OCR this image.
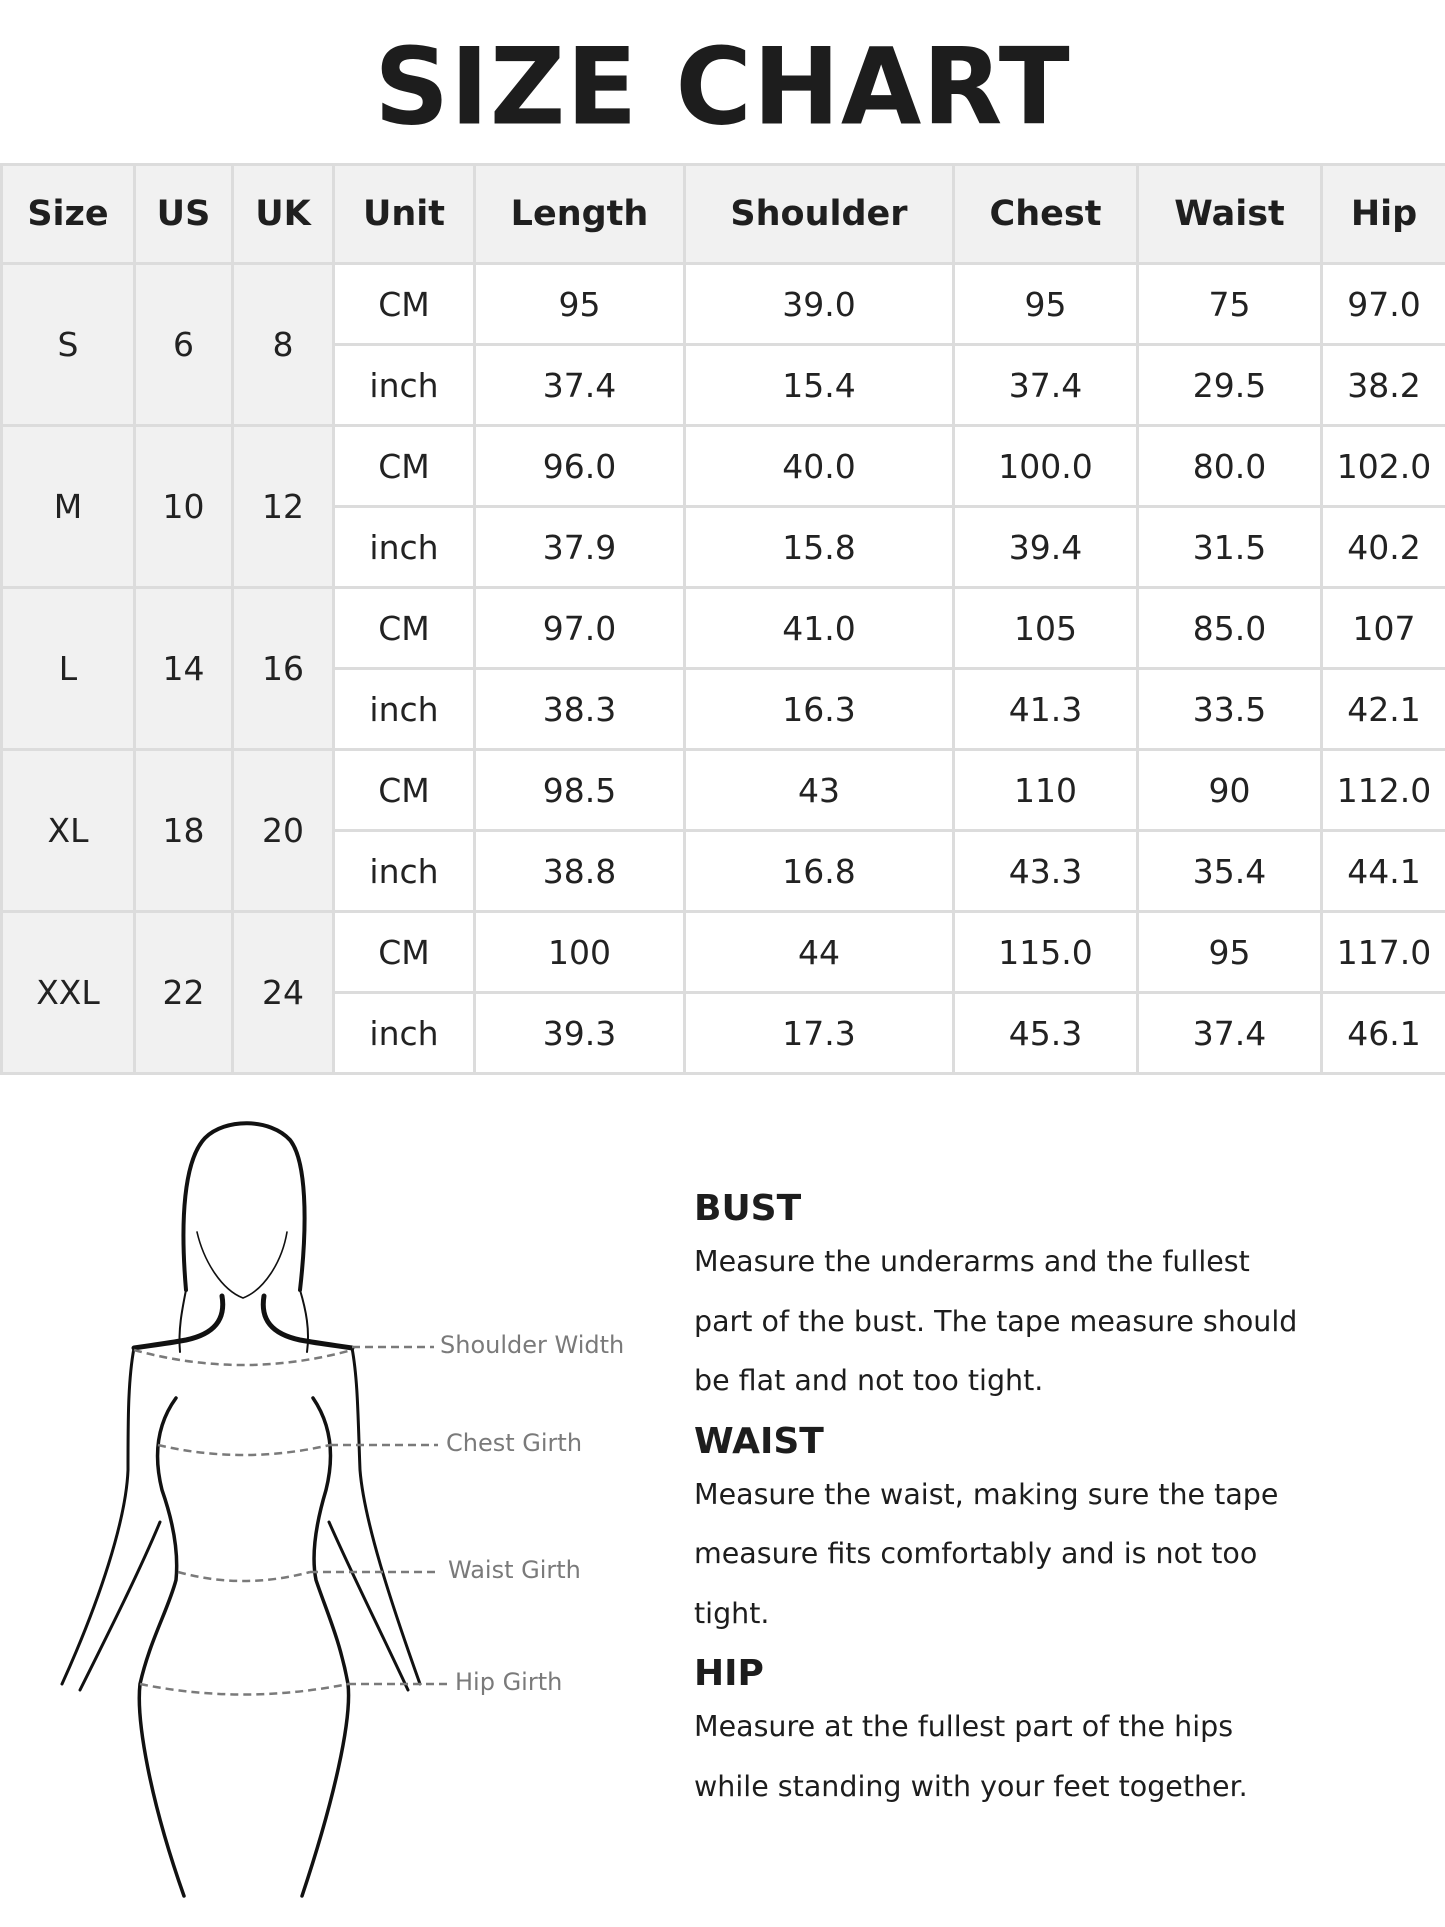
SIZE CHART
Size	US	UK	Unit	Length	Shoulder	Chest	Waist	Hip
S	6	8	CM	95	39.0	95	75	97.0
			inch	37.4	15.4	37.4	29.5	38.2
M	10	12	CM	96.0	40.0	100.0	80.0	102.0
			inch	37.9	15.8	39.4	31.5	40.2
L	14	16	CM	97.0	41.0	105	85.0	107
			inch	38.3	16.3	41.3	33.5	42.1
XL	18	20	CM	98.5	43	110	90	112.0
			inch	38.8	16.8	43.3	35.4	44.1
XXL	22	24	CM	100	44	115.0	95	117.0
			inch	39.3	17.3	45.3	37.4	46.1
Shoulder Width
Chest Girth
Waist Girth
Hip Girth
BUST

Measure the underarms and the fullest
part of the bust. The tape measure should
be flat and not too tight.

WAIST

Measure the waist, making sure the tape
measure fits comfortably and is not too
tight.

HIP

Measure at the fullest part of the hips
while standing with your feet together.
